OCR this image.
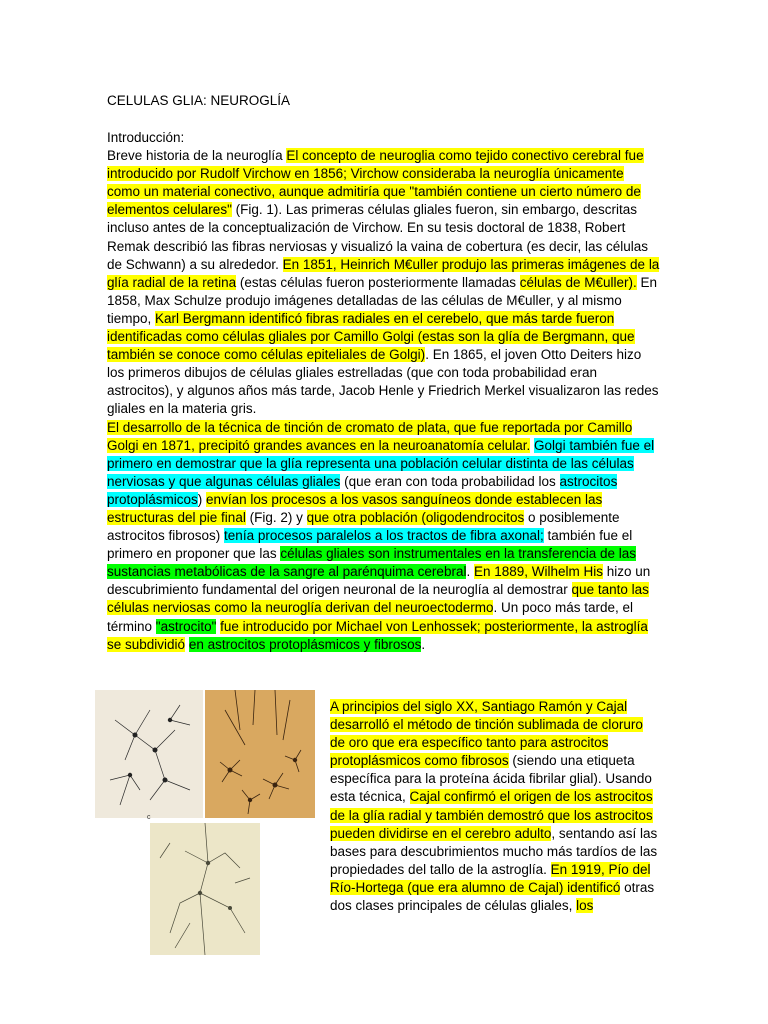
CELULAS GLIA: NEUROGLÍA

Introducción:

Breve historia de la neuroglía El concepto de neuroglia como tejido conectivo cerebral fue introducido por Rudolf Virchow en 1856; Virchow consideraba la neuroglía únicamente como un material conectivo, aunque admitiría que "también contiene un cierto número de elementos celulares" (Fig. 1). Las primeras células gliales fueron, sin embargo, descritas incluso antes de la conceptualización de Virchow. En su tesis doctoral de 1838, Robert Remak describió las fibras nerviosas y visualizó la vaina de cobertura (es decir, las células de Schwann) a su alrededor. En 1851, Heinrich M€uller produjo las primeras imágenes de la glía radial de la retina (estas células fueron posteriormente llamadas células de M€uller). En 1858, Max Schulze produjo imágenes detalladas de las células de M€uller, y al mismo tiempo, Karl Bergmann identificó fibras radiales en el cerebelo, que más tarde fueron identificadas como células gliales por Camillo Golgi (estas son la glía de Bergmann, que también se conoce como células epiteliales de Golgi). En 1865, el joven Otto Deiters hizo los primeros dibujos de células gliales estrelladas (que con toda probabilidad eran astrocitos), y algunos años más tarde, Jacob Henle y Friedrich Merkel visualizaron las redes gliales en la materia gris.

El desarrollo de la técnica de tinción de cromato de plata, que fue reportada por Camillo Golgi en 1871, precipitó grandes avances en la neuroanatomía celular. Golgi también fue el primero en demostrar que la glía representa una población celular distinta de las células nerviosas y que algunas células gliales (que eran con toda probabilidad los astrocitos protoplásmicos) envían los procesos a los vasos sanguíneos donde establecen las estructuras del pie final (Fig. 2) y que otra población (oligodendrocitos o posiblemente astrocitos fibrosos) tenía procesos paralelos a los tractos de fibra axonal; también fue el primero en proponer que las células gliales son instrumentales en la transferencia de las sustancias metabólicas de la sangre al parénquima cerebral. En 1889, Wilhelm His hizo un descubrimiento fundamental del origen neuronal de la neuroglía al demostrar que tanto las células nerviosas como la neuroglía derivan del neuroectodermo. Un poco más tarde, el término "astrocito" fue introducido por Michael von Lenhossek; posteriormente, la astroglía se subdividió en astrocitos protoplásmicos y fibrosos.

c

A principios del siglo XX, Santiago Ramón y Cajal desarrolló el método de tinción sublimada de cloruro de oro que era específico tanto para astrocitos protoplásmicos como fibrosos (siendo una etiqueta específica para la proteína ácida fibrilar glial). Usando esta técnica, Cajal confirmó el origen de los astrocitos de la glía radial y también demostró que los astrocitos pueden dividirse en el cerebro adulto, sentando así las bases para descubrimientos mucho más tardíos de las propiedades del tallo de la astroglía. En 1919, Pío del Río-Hortega (que era alumno de Cajal) identificó otras dos clases principales de células gliales, los
